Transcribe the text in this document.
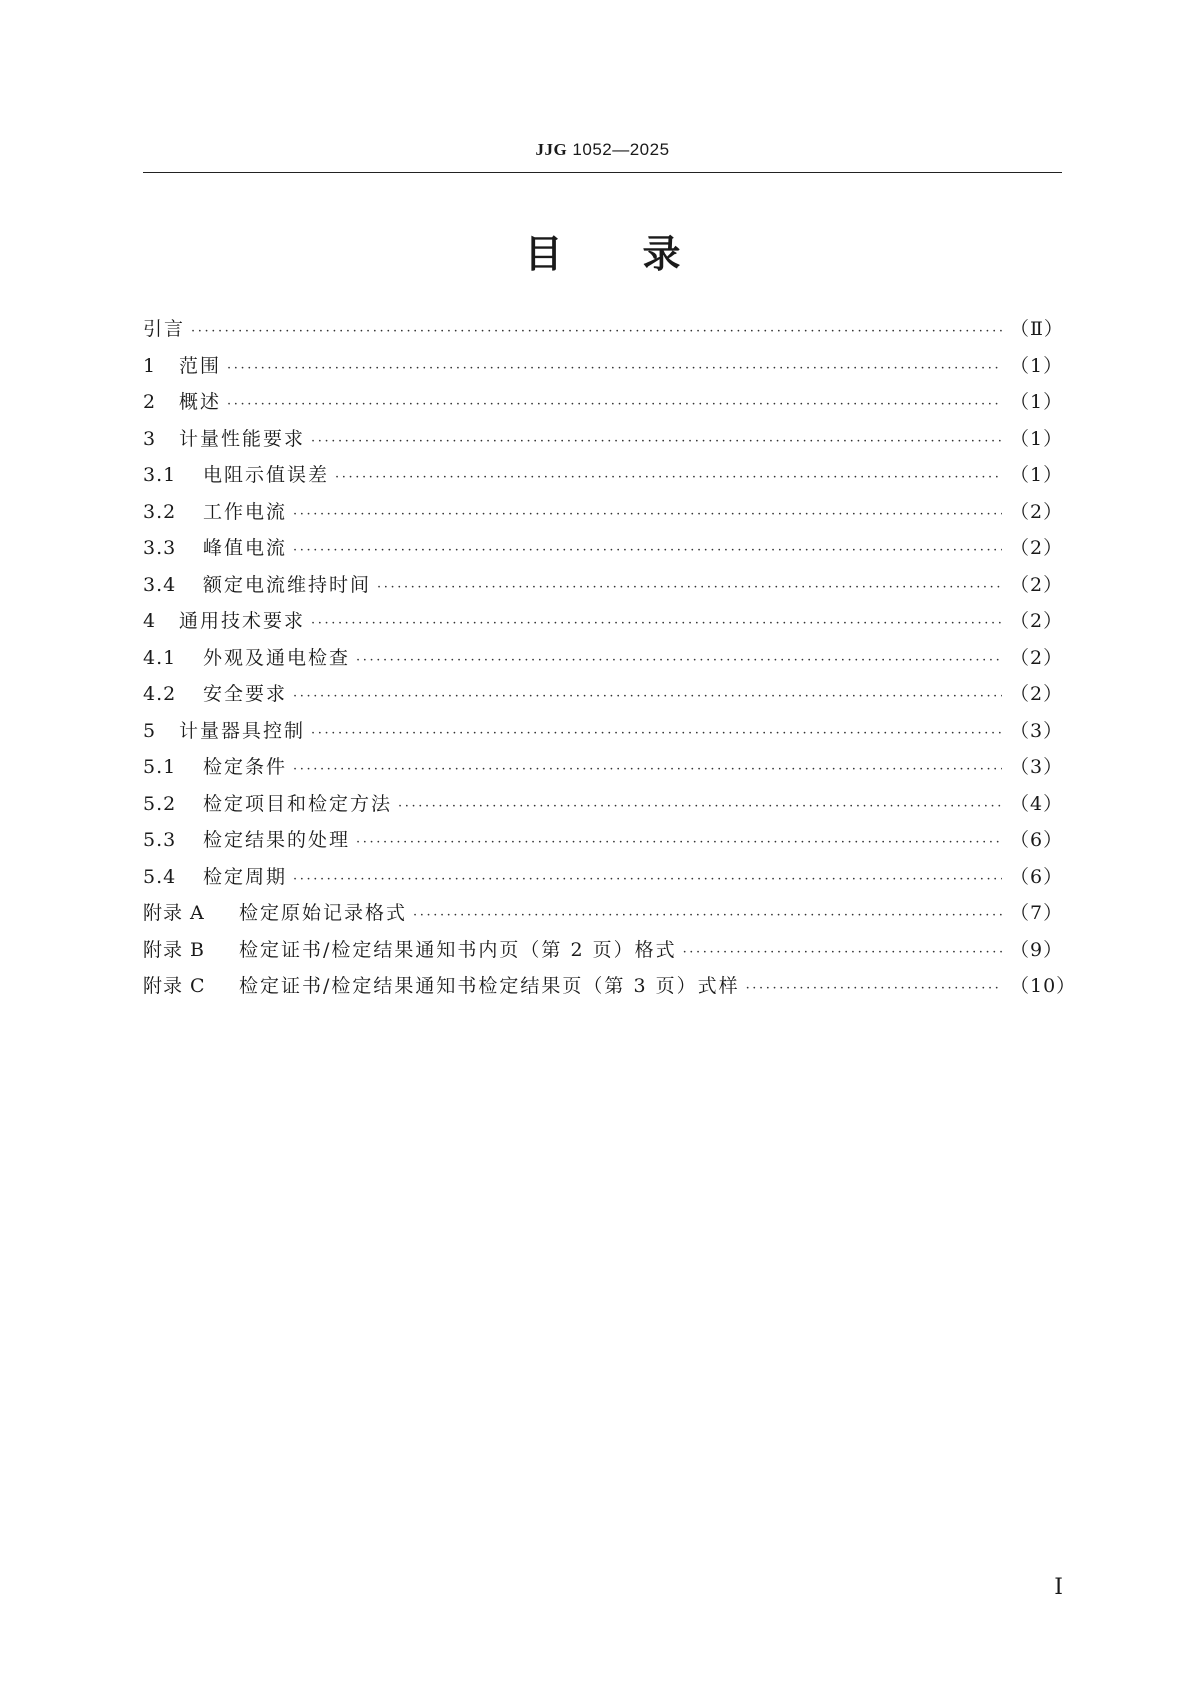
JJG 1052—2025
目 录
引言 ·····	（Ⅱ）
1	范围 ·····	（1）
2	概述 ·····	（1）
3	计量性能要求 ·····	（1）
3.1	电阻示值误差 ·····	（1）
3.2	工作电流 ·····	（2）
3.3	峰值电流 ·····	（2）
3.4	额定电流维持时间 ·····	（2）
4	通用技术要求 ·····	（2）
4.1	外观及通电检查 ·····	（2）
4.2	安全要求 ·····	（2）
5	计量器具控制 ·····	（3）
5.1	检定条件 ·····	（3）
5.2	检定项目和检定方法 ·····	（4）
5.3	检定结果的处理 ·····	（6）
5.4	检定周期 ·····	（6）
附录 A	检定原始记录格式 ·····	（7）
附录 B	检定证书/检定结果通知书内页（第 2 页）格式 ·····	（9）
附录 C	检定证书/检定结果通知书检定结果页（第 3 页）式样 ·····	（10）
Ⅰ
